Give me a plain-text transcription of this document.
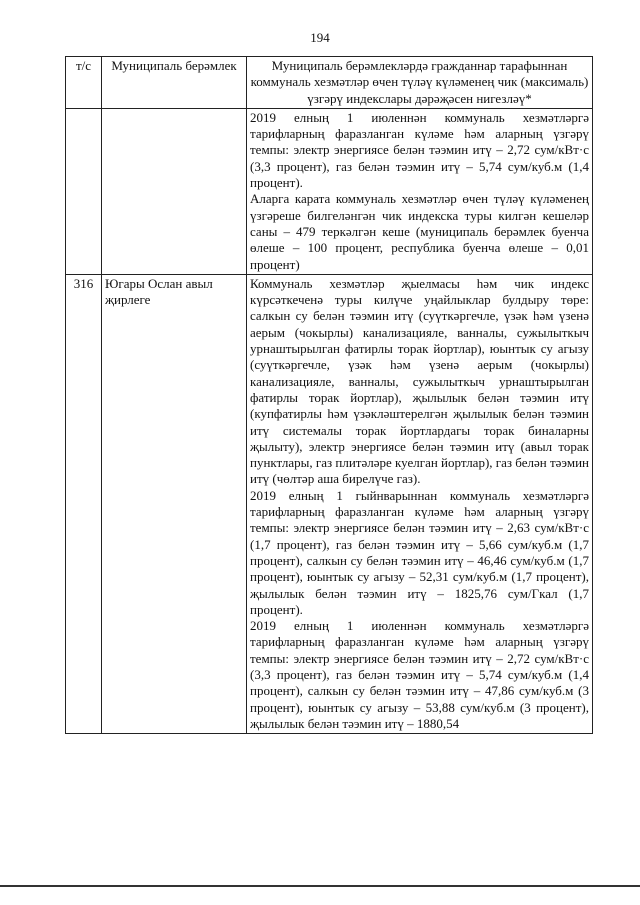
194
т/с	Муниципаль берәмлек	Муниципаль берәмлекләрдә гражданнар тарафыннан коммуналь хезмәтләр өчен түләү күләменең чик (максималь) үзгәрү индекслары дәрәҗәсен нигезләү*

		2019 елның 1 июленнән коммуналь хезмәтләргә тарифларның фаразланган күләме һәм аларның үзгәрү темпы: электр энергиясе белән тәэмин итү – 2,72 сум/кВт·с (3,3 процент), газ белән тәэмин итү – 5,74 сум/куб.м (1,4 процент).

Аларга карата коммуналь хезмәтләр өчен түләү күләменең үзгәреше билгеләнгән чик индекска туры килгән кешеләр саны – 479 теркәлгән кеше (муниципаль берәмлек буенча өлеше – 100 процент, республика буенча өлеше – 0,01 процент)

316	Югары Ослан авыл җирлеге	Коммуналь хезмәтләр җыелмасы һәм чик индекс күрсәткеченә туры килүче уңайлыклар булдыру төре: салкын су белән тәэмин итү (суүткәргечле, үзәк һәм үзенә аерым (чокырлы) канализацияле, ванналы, сужылыткыч урнаштырылган фатирлы торак йортлар), юынтык су агызу (суүткәргечле, үзәк һәм үзенә аерым (чокырлы) канализацияле, ванналы, сужылыткыч урнаштырылган фатирлы торак йортлар), җылылык белән тәэмин итү (купфатирлы һәм үзәкләштерелгән җылылык белән тәэмин итү системалы торак йортлардагы торак биналарны җылыту), электр энергиясе белән тәэмин итү (авыл торак пунктлары, газ плитәләре куелган йортлар), газ белән тәэмин итү (чөлтәр аша бирелүче газ).

2019 елның 1 гыйнварыннан коммуналь хезмәтләргә тарифларның фаразланган күләме һәм аларның үзгәрү темпы: электр энергиясе белән тәэмин итү – 2,63 сум/кВт·с (1,7 процент), газ белән тәэмин итү – 5,66 сум/куб.м (1,7 процент), салкын су белән тәэмин итү – 46,46 сум/куб.м (1,7 процент), юынтык су агызу – 52,31 сум/куб.м (1,7 процент), җылылык белән тәэмин итү – 1825,76 сум/Гкал (1,7 процент).

2019 елның 1 июленнән коммуналь хезмәтләргә тарифларның фаразланган күләме һәм аларның үзгәрү темпы: электр энергиясе белән тәэмин итү – 2,72 сум/кВт·с (3,3 процент), газ белән тәэмин итү – 5,74 сум/куб.м (1,4 процент), салкын су белән тәэмин итү – 47,86 сум/куб.м (3 процент), юынтык су агызу – 53,88 сум/куб.м (3 процент), җылылык белән тәэмин итү – 1880,54
